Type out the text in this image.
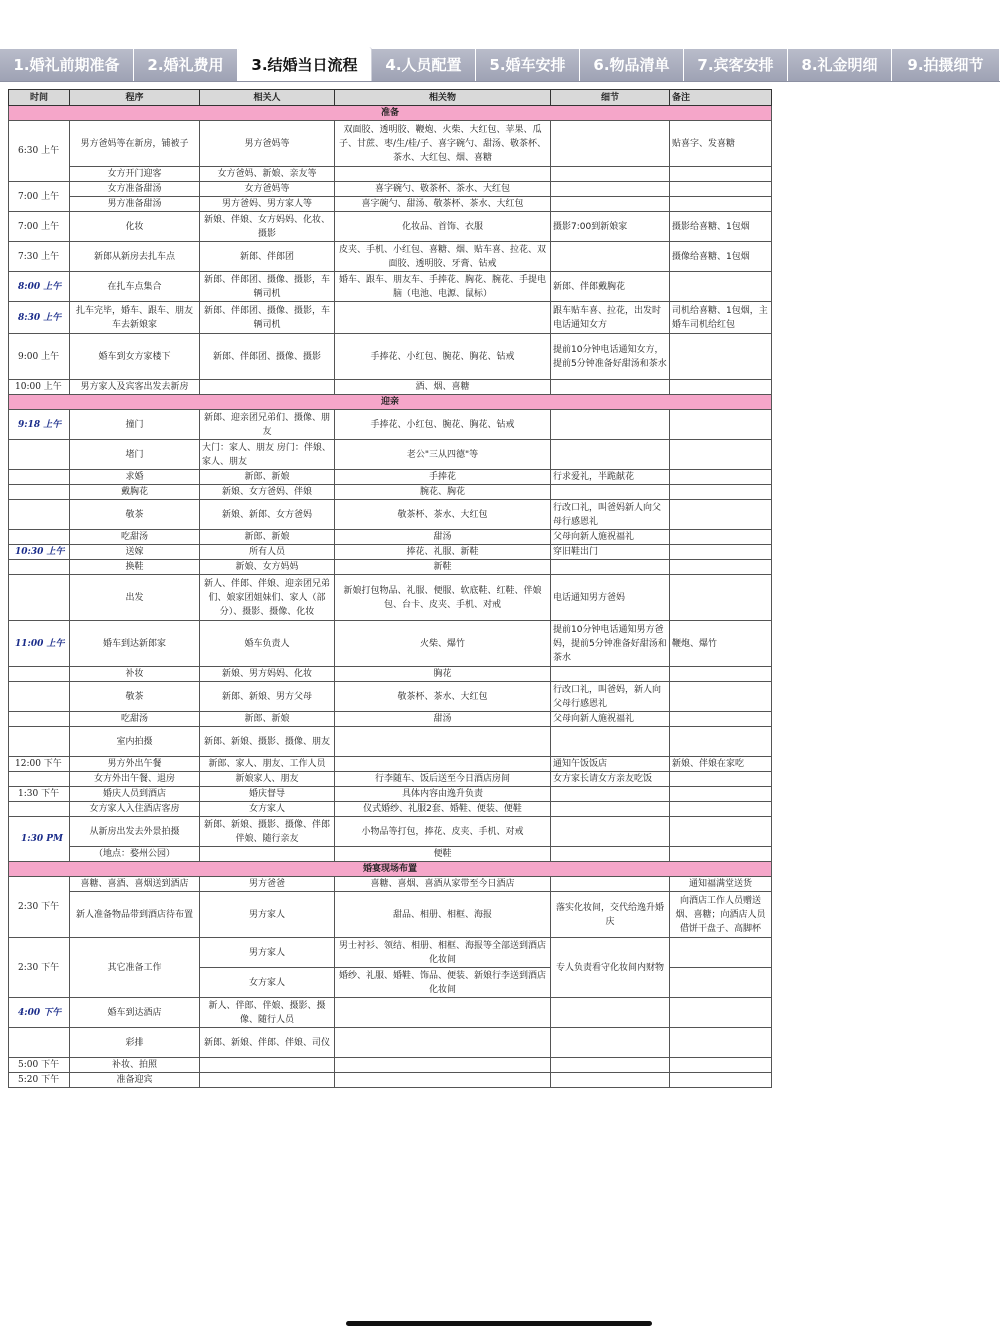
1.婚礼前期准备	2.婚礼费用	3.结婚当日流程	4.人员配置	5.婚车安排	6.物品清单	7.宾客安排	8.礼金明细	9.拍摄细节
时间	程序	相关人	相关物	细节	备注
准备					
6:30 上午	男方爸妈等在新房，铺被子	男方爸妈等	双面胶、透明胶、鞭炮、火柴、大红包、苹果、瓜子、甘蔗、枣/生/桂/子、喜字碗勺、甜汤、敬茶杯、茶水、大红包、烟、喜糖		贴喜字、发喜糖
	女方开门迎客	女方爸妈、新娘、亲友等			
7:00 上午	女方准备甜汤	女方爸妈等	喜字碗勺、敬茶杯、茶水、大红包		
	男方准备甜汤	男方爸妈、男方家人等	喜字碗勺、甜汤、敬茶杯、茶水、大红包		
7:00 上午	化妆	新娘、伴娘、女方妈妈、化妆、摄影	化妆品、首饰、衣服	摄影7:00到新娘家	摄影给喜糖、1包烟
7:30 上午	新郎从新房去扎车点	新郎、伴郎团	皮夹、手机、小红包、喜糖、烟、贴车喜、拉花、双面胶、透明胶、牙膏、钻戒		摄像给喜糖、1包烟
8:00 上午	在扎车点集合	新郎、伴郎团、摄像、摄影，车辆司机	婚车、跟车、朋友车、手捧花、胸花、腕花、手提电脑（电池、电源、鼠标）	新郎、伴郎戴胸花	
8:30 上午	扎车完毕，婚车、跟车、朋友车去新娘家	新郎、伴郎团、摄像、摄影，车辆司机		跟车贴车喜、拉花，出发时电话通知女方	司机给喜糖、1包烟，主婚车司机给红包
9:00 上午	婚车到女方家楼下	新郎、伴郎团、摄像、摄影	手捧花、小红包、腕花、胸花、钻戒	提前10分钟电话通知女方，提前5分钟准备好甜汤和茶水	
10:00 上午	男方家人及宾客出发去新房		酒、烟、喜糖		
迎亲					
9:18 上午	撞门	新郎、迎亲团兄弟们、摄像、朋友	手捧花、小红包、腕花、胸花、钻戒		
	堵门	大门：家人、朋友 房门：伴娘、家人、朋友	老公"三从四德"等		
	求婚	新郎、新娘	手捧花	行求爱礼，半跪献花	
	戴胸花	新娘、女方爸妈、伴娘	腕花、胸花		
	敬茶	新娘、新郎、女方爸妈	敬茶杯、茶水、大红包	行改口礼，叫爸妈新人向父母行感恩礼	
	吃甜汤	新郎、新娘	甜汤	父母向新人施祝福礼	
10:30 上午	送嫁	所有人员	捧花、礼服、新鞋	穿旧鞋出门	
	换鞋	新娘、女方妈妈	新鞋		
	出发	新人、伴郎、伴娘、迎亲团兄弟们、娘家团姐妹们、家人（部分）、摄影、摄像、化妆	新娘打包物品、礼服、便服、软底鞋、红鞋、伴娘包、台卡、皮夹、手机、对戒	电话通知男方爸妈	
11:00 上午	婚车到达新郎家	婚车负责人	火柴、爆竹	提前10分钟电话通知男方爸妈，提前5分钟准备好甜汤和茶水	鞭炮、爆竹
	补妆	新娘、男方妈妈、化妆	胸花		
	敬茶	新郎、新娘、男方父母	敬茶杯、茶水、大红包	行改口礼，叫爸妈，新人向父母行感恩礼	
	吃甜汤	新郎、新娘	甜汤	父母向新人施祝福礼	
	室内拍摄	新郎、新娘、摄影、摄像、朋友			
12:00 下午	男方外出午餐	新郎、家人、朋友、工作人员		通知午饭饭店	新娘、伴娘在家吃
	女方外出午餐、退房	新娘家人、朋友	行李随车、饭后送至今日酒店房间	女方家长请女方亲友吃饭	
1:30 下午	婚庆人员到酒店	婚庆督导	具体内容由逸升负责		
	女方家人入住酒店客房	女方家人	仪式婚纱、礼服2套、婚鞋、便装、便鞋		
1:30 PM	从新房出发去外景拍摄	新郎、新娘、摄影、摄像、伴郎伴娘、随行亲友	小物品等打包，捧花、皮夹、手机、对戒		
	（地点：婺州公园）		便鞋		
婚宴现场布置					
2:30 下午	喜糖、喜酒、喜烟送到酒店	男方爸爸	喜糖、喜烟、喜酒从家带至今日酒店		通知福满堂送货
	新人准备物品带到酒店待布置	男方家人	甜品、相册、相框、海报	落实化妆间，交代给逸升婚庆	向酒店工作人员赠送烟、喜糖；向酒店人员借饼干盘子、高脚杯
2:30 下午	其它准备工作	男方家人	男士衬衫、领结、相册、相框、海报等全部送到酒店化妆间	专人负责看守化妆间内财物	
		女方家人	婚纱、礼服、婚鞋、饰品、便装、新娘行李送到酒店化妆间		
4:00 下午	婚车到达酒店	新人、伴郎、伴娘、摄影、摄像、随行人员			
	彩排	新郎、新娘、伴郎、伴娘、司仪			
5:00 下午	补妆、拍照				
5:20 下午	准备迎宾				
